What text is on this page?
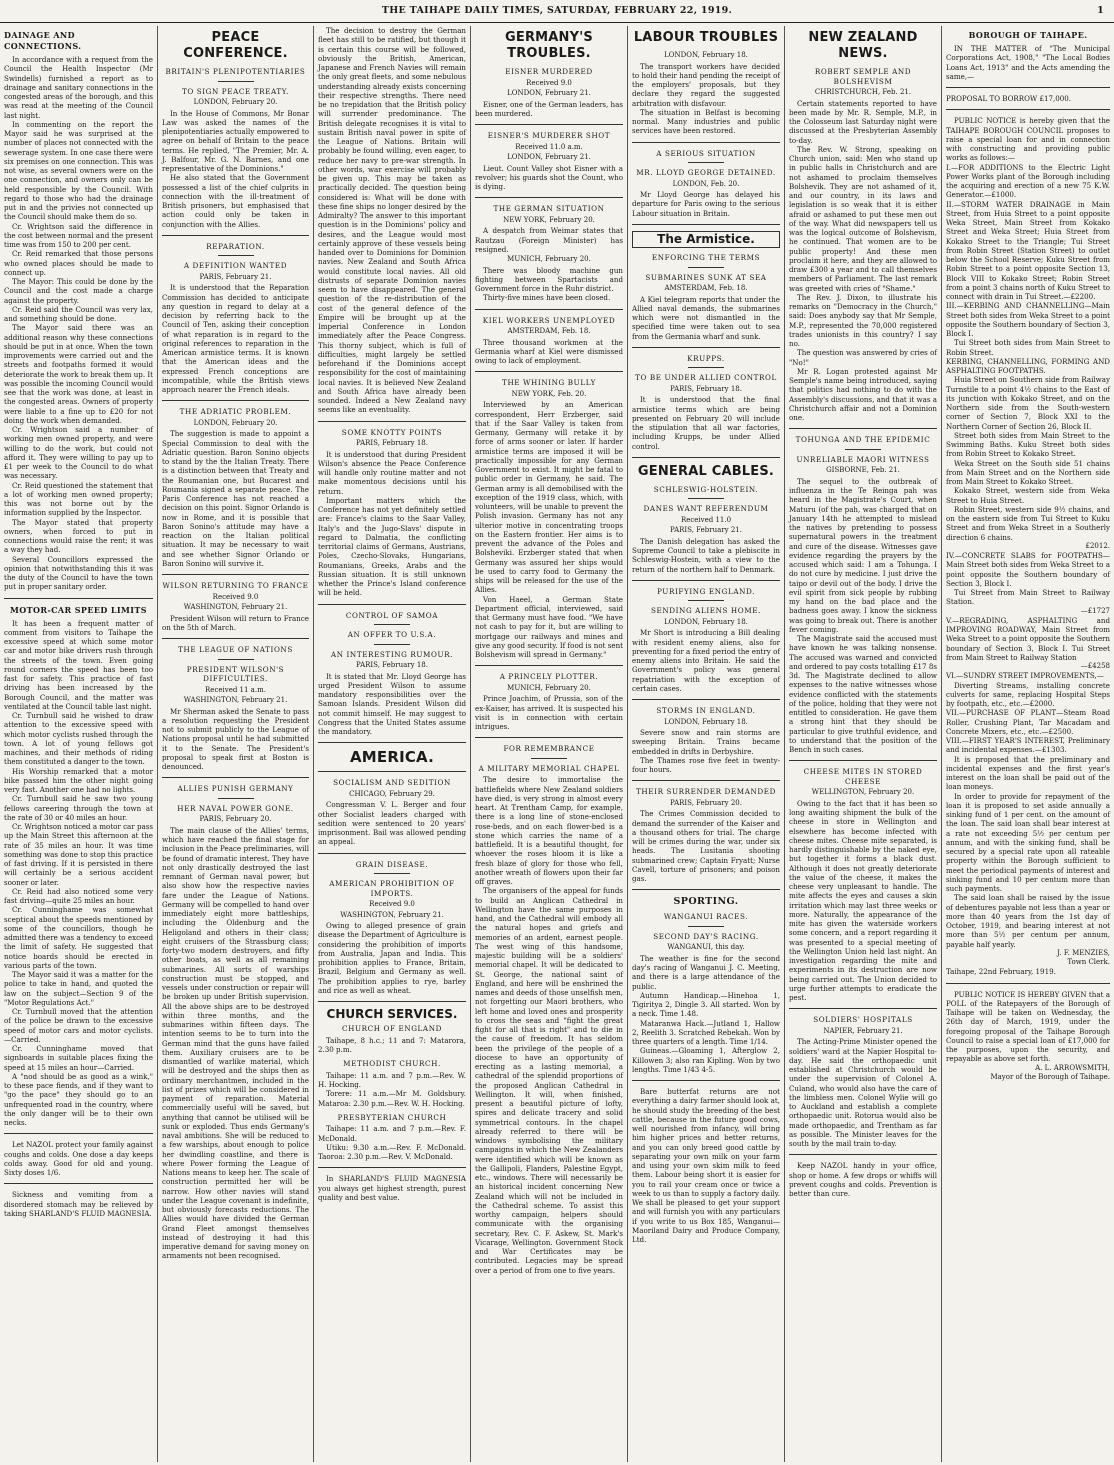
THE TAIHAPE DAILY TIMES, SATURDAY, FEBRUARY 22, 1919.	1
DAINAGE AND CONNECTIONS.

In accordance with a request from the Council the Health Inspector (Mr Swindells) furnished a report as to drainage and sanitary connections in the congested areas of the borough, and this was read at the meeting of the Council last night.

In commenting on the report the Mayor said he was surprised at the number of places not connected with the sewerage system. In one case there were six premises on one connection. This was not wise, as several owners were on the one connection, and owners only can be held responsible by the Council. With regard to those who had the drainage put in and the privies not connected up the Council should make them do so.

Cr. Wrightson said the difference in the cost between normal and the present time was from 150 to 200 per cent.

Cr. Reid remarked that those persons who owned places should be made to connect up.

The Mayor: This could be done by the Council and the cost made a charge against the property.

Cr. Reid said the Council was very lax, and something should be done.

The Mayor said there was an additional reason why these connections should be put in at once. When the town improvements were carried out and the streets and footpaths formed it would deteriorate the work to break them up. It was possible the incoming Council would see that the work was done, at least in the congested areas. Owners of property were liable to a fine up to £20 for not doing the work when demanded.

Cr. Wrightson said a number of working men owned property, and were willing to do the work, but could not afford it. They were willing to pay up to £1 per week to the Council to do what was necessary.

Cr. Reid questioned the statement that a lot of working men owned property; this was not borne out by the information supplied by the Inspector.

The Mayor stated that property owners, when forced to put in connections would raise the rent; it was a way they had.

Several Councillors expressed the opinion that notwithstanding this it was the duty of the Council to have the town put in proper sanitary order.

MOTOR-CAR SPEED LIMITS

It has been a frequent matter of comment from visitors to Taihape the excessive speed at which some motor car and motor bike drivers rush through the streets of the town. Even going round corners the speed has been too fast for safety. This practice of fast driving has been increased by the Borough Council, and the matter was ventilated at the Council table last night.

Cr. Turnbull said he wished to draw attention to the excessive speed with which motor cyclists rushed through the town. A lot of young fellows got machines, and their methods of riding them constituted a danger to the town.

His Worship remarked that a motor bike passed him the other night going very fast. Another one had no lights.

Cr. Turnbull said he saw two young fellows careering through the town at the rate of 30 or 40 miles an hour.

Cr. Wrightson noticed a motor car pass up the Main Street this afternoon at the rate of 35 miles an hour. It was time something was done to stop this practice of fast driving. If it is persisted in there will certainly be a serious accident sooner or later.

Cr. Reid had also noticed some very fast driving—quite 25 miles an hour.

Cr. Cunninghame was somewhat sceptical about the speeds mentioned by some of the councillors, though he admitted there was a tendency to exceed the limit of safety. He suggested that notice boards should be erected in various parts of the town.

The Mayor said it was a matter for the police to take in hand, and quoted the law on the subject—Section 9 of the "Motor Regulations Act."

Cr. Turnbull moved that the attention of the police be drawn to the excessive speed of motor cars and motor cyclists.—Carried.

Cr. Cunninghame moved that signboards in suitable places fixing the speed at 15 miles an hour—Carried.

A "nod should be as good as a wink," to these pace fiends, and if they want to "go the pace" they should go to an unfrequented road in the country, where the only danger will be to their own necks.

Let NAZOL protect your family against coughs and colds. One dose a day keeps colds away. Good for old and young. Sixty doses 1/6.

Sickness and vomiting from a disordered stomach may be relieved by taking SHARLAND'S FLUID MAGNESIA.

PEACE CONFERENCE.
BRITAIN'S PLENIPOTENTIARIES
TO SIGN PEACE TREATY.
LONDON, February 20.

In the House of Commons, Mr Bonar Law was asked the names of the plenipotentiaries actually empowered to agree on behalf of Britain to the peace terms. He replied, "The Premier, Mr. A. J. Balfour, Mr. G. N. Barnes, and one representative of the Dominions."

He also stated that the Government possessed a list of the chief culprits in connection with the ill-treatment of British prisoners, but emphasised that action could only be taken in conjunction with the Allies.

REPARATION.
A DEFINITION WANTED
PARIS, February 21.

It is understood that the Reparation Commission has decided to anticipate any question in regard to delay at a decision by referring back to the Council of Ten, asking their conception of what reparation is in regard to the original references to reparation in the American armistice terms. It is known that the American ideas and the expressed French conceptions are incompatible, while the British views approach nearer the French ideals.

THE ADRIATIC PROBLEM.
LONDON, February 20.

The suggestion is made to appoint a Special Commission to deal with the Adriatic question. Baron Sonino objects to stand by the the Italian Treaty. There is a distinction between that Treaty and the Roumanian one, but Bucarest and Roumania signed a separate peace. The Paris Conference has not reached a decision on this point. Signor Orlando is now in Rome, and it is possible that Baron Sonino's attitude may have a reaction on the Italian political situation. It may be necessary to wait and see whether Signor Orlando or Baron Sonino will survive it.

WILSON RETURNING TO FRANCE
Received 9.0
WASHINGTON, February 21.

President Wilson will return to France on the 5th of March.

THE LEAGUE OF NATIONS
PRESIDENT WILSON'S DIFFICULTIES.
Received 11 a.m.
WASHINGTON, February 21.

Mr Sherman asked the Senate to pass a resolution requesting the President not to submit publicly to the League of Nations proposal until he had submitted it to the Senate. The President's proposal to speak first at Boston is denounced.

ALLIES PUNISH GERMANY
HER NAVAL POWER GONE.
PARIS, February 20.

The main clause of the Allies' terms, which have reached the final stage for inclusion in the Peace preliminaries, will be found of dramatic interest. They have not only drastically destroyed the last remnant of German naval power, but also show how the respective navies fare under the League of Nations. Germany will be compelled to hand over immediately eight more battleships, including the Oldenburg and the Heligoland and others in their class; eight cruisers of the Strassburg class; forty-two modern destroyers, and fifty other boats, as well as all remaining submarines. All sorts of warships construction must be stopped, and vessels under construction or repair will be broken up under British supervision. All the above ships are to be destroyed within three months, and the submarines within fifteen days. The intention seems to be to turn into the German mind that the guns have failed them. Auxiliary cruisers are to be dismantled of warlike material, which will be destroyed and the ships then as ordinary merchantmen, included in the list of prizes which will be considered in payment of reparation. Material commercially useful will be saved, but anything that cannot be utilised will be sunk or exploded. Thus ends Germany's naval ambitions. She will be reduced to a few warships, about enough to police her dwindling coastline, and there is where Power forming the League of Nations means to keep her. The scale of construction permitted her will be narrow. How other navies will stand under the League covenant is indefinite, but obviously forecasts reductions. The Allies would have divided the German Grand Fleet amongst themselves instead of destroying it had this imperative demand for saving money on armaments not been recognised.

The decision to destroy the German fleet has still to be ratified, but though it is certain this course will be followed, obviously the British, American, Japanese and French Navies will remain the only great fleets, and some nebulous understanding already exists concerning their respective strengths. There need be no trepidation that the British policy will surrender predominance. The British delegate recognises it is vital to sustain British naval power in spite of the League of Nations. Britain will probably be found willing, even eager, to reduce her navy to pre-war strength. In other words, war exercise will probably be given up. This may be taken as practically decided. The question being considered is: What will be done with these fine ships no longer desired by the Admiralty? The answer to this important question is in the Dominions' policy and desires, and the League would most certainly approve of these vessels being handed over to Dominions for Dominion navies. New Zealand and South Africa would constitute local navies. All old distrusts of separate Dominion navies seem to have disappeared. The general question of the re-distribution of the cost of the general defence of the Empire will be brought up at the Imperial Conference in London immediately after the Peace Congress. This thorny subject, which is full of difficulties, might largely be settled beforehand if the Dominions accept responsibility for the cost of maintaining local navies. It is believed New Zealand and South Africa have already been sounded. Indeed a New Zealand navy seems like an eventuality.

SOME KNOTTY POINTS
PARIS, February 18.

It is understood that during President Wilson's absence the Peace Conference will handle only routine matter and not make momentous decisions until his return.

Important matters which the Conference has not yet definitely settled are: France's claims to the Saar Valley, Italy's and the Jugo-Slavs' dispute in regard to Dalmatia, the conflicting territorial claims of Germans, Austrians, Poles, Czecho-Slovaks, Hungarians, Roumanians, Greeks, Arabs and the Russian situation. It is still unknown whether the Prince's Island conference will be held.

CONTROL OF SAMOA
AN OFFER TO U.S.A.
AN INTERESTING RUMOUR.
PARIS, February 18.

It is stated that Mr. Lloyd George has urged President Wilson to assume mandatory responsibilities over the Samoan Islands. President Wilson did not commit himself. He may suggest to Congress that the United States assume the mandatory.

AMERICA.
SOCIALISM AND SEDITION
CHICAGO, February 29.

Congressman V. L. Berger and four other Socialist leaders charged with sedition were sentenced to 20 years' imprisonment. Bail was allowed pending an appeal.

GRAIN DISEASE.
AMERICAN PROHIBITION OF IMPORTS.
Received 9.0
WASHINGTON, February 21.

Owing to alleged presence of grain disease the Department of Agriculture is considering the prohibition of imports from Australia, Japan and India. This prohibition applies to France, Britain, Brazil, Belgium and Germany as well. The prohibition applies to rye, barley and rice as well as wheat.

CHURCH SERVICES.
CHURCH OF ENGLAND

Taihape, 8 h.c.; 11 and 7: Matarora, 2.30 p.m.

METHODIST CHURCH.

Taihape: 11 a.m. and 7 p.m.—Rev. W. H. Hocking.

Torere: 11 a.m.—Mr M. Goldsbury. Mataroa: 2.30 p.m.—Rev. W. H. Hocking.

PRESBYTERIAN CHURCH

Taihape: 11 a.m. and 7 p.m.—Rev. F. McDonald.

Utiku: 9.30 a.m.—Rev. F. McDonald. Taoroa: 2.30 p.m.—Rev. V. McDonald.

In SHARLAND'S FLUID MAGNESIA you always get highest strength, purest quality and best value.

GERMANY'S TROUBLES.
EISNER MURDERED
Received 9.0
LONDON, February 21.

Eisner, one of the German leaders, has been murdered.

EISNER'S MURDERER SHOT
Received 11.0 a.m.
LONDON, February 21.

Lieut. Count Valley shot Eisner with a revolver; his guards shot the Count, who is dying.

THE GERMAN SITUATION
NEW YORK, February 20.

A despatch from Weimar states that Rautzau (Foreign Minister) has resigned.

MUNICH, February 20.

There was bloody machine gun fighting between Spartacists and Government force in the Ruhr district.

Thirty-five mines have been closed.

KIEL WORKERS UNEMPLOYED
AMSTERDAM, Feb. 18.

Three thousand workmen at the Germania wharf at Kiel were dismissed owing to lack of employment.

THE WHINING BULLY
NEW YORK, Feb. 20.

Interviewed by an American correspondent, Herr Erzberger, said that if the Saar Valley is taken from Germany, Germany will retake it by force of arms sooner or later. If harder armistice terms are imposed it will be practically impossible for any German Government to exist. It might be fatal to public order in Germany, he said. The German army is all demobilised with the exception of the 1919 class, which, with volunteers, will be unable to prevent the Polish invasion. Germany has not any ulterior motive in concentrating troops on the Eastern frontier. Her aims is to prevent the advance of the Poles and Bolsheviki. Erzberger stated that when Germany was assured her ships would be used to carry food to Germany the ships will be released for the use of the Allies.

Von Haeel, a German State Department official, interviewed, said that Germany must have food. "We have not cash to pay for it, but are willing to mortgage our railways and mines and give any good security. If food is not sent Bolshevism will spread in Germany."

A PRINCELY PLOTTER.
MUNICH, February 20.

Prince Joachim, of Prussia, son of the ex-Kaiser, has arrived. It is suspected his visit is in connection with certain intrigues.

FOR REMEMBRANCE
A MILITARY MEMORIAL CHAPEL

The desire to immortalise the battlefields where New Zealand soldiers have died, is very strong in almost every heart. At Trentham Camp, for example, there is a long line of stone-enclosed rose-beds, and on each flower-bed is a stone which carries the name of a battlefield. It is a beautiful thought, for whoever the roses bloom it is like a fresh blaze of glory for those who fell, another wreath of flowers upon their far off graves.

The organisers of the appeal for funds to build an Anglican Cathedral in Wellington have the same purposes in hand, and the Cathedral will embody all the natural hopes and griefs and memories of an ardent, earnest people. The west wing of this handsome, majestic building will be a soldiers' memorial chapel. It will be dedicated to St. George, the national saint of England, and here will be enshrined the names and deeds of those unselfish men, not forgetting our Maori brothers, who left home and loved ones and prosperity to cross the seas and "fight the great fight for all that is right" and to die in the cause of freedom. It has seldom been the privilege of the people of a diocese to have an opportunity of erecting as a lasting memorial, a cathedral of the splendid proportions of the proposed Anglican Cathedral in Wellington. It will, when finished, present a beautiful picture of lofty, spires and delicate tracery and solid symmetrical contours. In the chapel already referred to there will be windows symbolising the military campaigns in which the New Zealanders were identified which will be known as the Gallipoli, Flanders, Palestine Egypt, etc., windows. There will necessarily be an historical incident concerning New Zealand which will not be included in the Cathedral scheme. To assist this worthy campaign, helpers should communicate with the organising secretary, Rev. C. F. Askew, St. Mark's Vicarage, Wellington. Government Stock and War Certificates may be contributed. Legacies may be spread over a period of from one to five years.

LABOUR TROUBLES
LONDON, February 18.

The transport workers have decided to hold their hand pending the receipt of the employers' proposals, but they declare they regard the suggested arbitration with disfavour.

The situation in Belfast is becoming normal. Many industries and public services have been restored.

A SERIOUS SITUATION
MR. LLOYD GEORGE DETAINED.
LONDON, Feb. 20.

Mr Lloyd George has delayed his departure for Paris owing to the serious Labour situation in Britain.

The Armistice.
ENFORCING THE TERMS
SUBMARINES SUNK AT SEA
AMSTERDAM, Feb. 18.

A Kiel telegram reports that under the Allied naval demands, the submarines which were not dismantled in the specified time were taken out to sea from the Germania wharf and sunk.

KRUPPS.
TO BE UNDER ALLIED CONTROL
PARIS, February 18.

It is understood that the final armistice terms which are being presented on February 20 will include the stipulation that all war factories, including Krupps, be under Allied control.

GENERAL CABLES.
SCHLESWIG-HOLSTEIN.
DANES WANT REFERENDUM
Received 11.0
PARIS, February 21.

The Danish delegation has asked the Supreme Council to take a plebiscite in Schleswig-Hostein, with a view to the return of the northern half to Denmark.

PURIFYING ENGLAND.
SENDING ALIENS HOME.
LONDON, February 18.

Mr Short is introducing a Bill dealing with resident enemy aliens, also for preventing for a fixed period the entry of enemy aliens into Britain. He said the Government's policy was general repatriation with the exception of certain cases.

STORMS IN ENGLAND.
LONDON, February 18.

Severe snow and rain storms are sweeping Britain. Trains became embedded in drifts in Derbyshire.

The Thames rose five feet in twenty-four hours.

THEIR SURRENDER DEMANDED
PARIS, February 20.

The Crimes Commission decided to demand the surrender of the Kaiser and a thousand others for trial. The charge will be crimes during the war, under six heads. The Lusitania shooting submarined crew; Captain Fryatt; Nurse Cavell, torture of prisoners; and poison gas.

SPORTING.
WANGANUI RACES.
SECOND DAY'S RACING.
WANGANUI, this day.

The weather is fine for the second day's racing of Wanganui J. C. Meeting, and there is a large attendance of the public.

Autumn Handicap.—Hinehoa 1, Tigiritya 2, Dingle 3. All started. Won by a neck. Time 1.48.

Mataranwa Hack.—Jutland 1, Hallow 2, Reelith 3. Scratched Rebekah. Won by three quarters of a length. Time 1/14.

Guineas.—Gloaming 1, Afterglow 2, Killowen 3; also ran Kipling. Won by two lengths. Time 1/43 4-5.

Bare butterfat returns are not everything a dairy farmer should look at, he should study the breeding of the best cattle, because in the future good cows, well nourished from infancy, will bring him higher prices and better returns, and you can only breed good cattle by separating your own milk on your farm and using your own skim milk to feed them. Labour being short it is easier for you to rail your cream once or twice a week to us than to supply a factory daily. We shall be pleased to get your support and will furnish you with any particulars if you write to us Box 185, Wanganui—Maoriland Dairy and Produce Company, Ltd.

NEW ZEALAND NEWS.
ROBERT SEMPLE AND BOLSHEVISM
CHRISTCHURCH, Feb. 21.

Certain statements reported to have been made by Mr. R. Semple, M.P., in the Colosseum last Saturday night were discussed at the Presbyterian Assembly to-day.

The Rev. W. Strong, speaking on Church union, said: Men who stand up in public halls in Christchurch and are not ashamed to proclaim themselves Bolshevik. They are not ashamed of it, and our country, in its laws and legislation is so weak that it is either afraid or ashamed to put these men out of the way. What did newspapers tell us was the logical outcome of Bolshevism, he continued. That women are to be public property! And these men proclaim it here, and they are allowed to draw £300 a year and to call themselves members of Parliament. The last remark was greeted with cries of "Shame."

The Rev. J. Dixon, to illustrate his remarks on "Democracy in the Church," said: Does anybody say that Mr Semple, M.P., represented the 70,000 registered trades unionists in this country? I say no.

The question was answered by cries of "No!"

Mr R. Logan protested against Mr Semple's name being introduced, saying that politics had nothing to do with the Assembly's discussions, and that it was a Christchurch affair and not a Dominion one.

TOHUNGA AND THE EPIDEMIC
UNRELIABLE MAORI WITNESS
GISBORNE, Feb. 21.

The sequel to the outbreak of influenza in the Te Reinga pah was heard in the Magistrate's Court, when Maturu (of the pah, was charged that on January 14th he attempted to mislead the natives by pretending to possess supernatural powers in the treatment and cure of the disease. Witnesses gave evidence regarding the prayers by the accused which said: I am a Tohunga. I do not cure by medicine. I just drive the taipo or devil out of the body. I drive the evil spirit from sick people by rubbing my hand on the bad place and the badness goes away. I know the sickness was going to break out. There is another fever coming.

The Magistrate said the accused must have known he was talking nonsense. The accused was warned and convicted and ordered to pay costs totalling £17 8s 3d. The Magistrate declined to allow expenses to the native witnesses whose evidence conflicted with the statements of the police, holding that they were not entitled to consideration. He gave them a strong hint that they should be particular to give truthful evidence, and to understand that the position of the Bench in such cases.

CHEESE MITES IN STORED CHEESE
WELLINGTON, February 20.

Owing to the fact that it has been so long awaiting shipment the bulk of the cheese in store in Wellington and elsewhere has become infected with cheese mites. Cheese mite separated, is hardly distinguishable by the naked eye, but together it forms a black dust. Although it does not greatly deteriorate the value of the cheese, it makes the cheese very unpleasant to handle. The mite affects the eyes and causes a skin irritation which may last three weeks or more. Naturally, the appearance of the mite has given the waterside workers some concern, and a report regarding it was presented to a special meeting of the Wellington Union held last night. An investigation regarding the mite and experiments in its destruction are now being carried out. The Union decided to urge further attempts to eradicate the pest.

SOLDIERS' HOSPITALS
NAPIER, February 21.

The Acting-Prime Minister opened the soldiers' ward at the Napier Hospital to-day. He said the orthopaedic unit established at Christchurch would be under the supervision of Colonel A. Culand, who would also have the care of the limbless men. Colonel Wylie will go to Auckland and establish a complete orthopaedic unit. Rotorua would also be made orthopaedic, and Trentham as far as possible. The Minister leaves for the south by the mail train to-day.

Keep NAZOL handy in your office, shop or home. A few drops or whiffs will prevent coughs and colds. Prevention is better than cure.

BOROUGH OF TAIHAPE.

IN THE MATTER of "The Municipal Corporations Act, 1908," "The Local Bodies Loans Act, 1913" and the Acts amending the same,—

PROPOSAL TO BORROW £17,000.

PUBLIC NOTICE is hereby given that the TAIHAPE BOROUGH COUNCIL proposes to raise a special loan for and in connection with constructing and providing public works as follows:—

I.—FOR ADDITIONS to the Electric Light Power Works plant of the Borough including the acquiring and erection of a new 75 K.W. Generator.—£1000.

II.—STORM WATER DRAINAGE in Main Street, from Huia Street to a point opposite Weka Street, Main Street from Kokako Street and Weka Street; Huia Street from Kokako Street to the Triangle; Tui Street from Robin Street (Station Street) to outlet below the School Reserve; Kuku Street from Robin Street to a point opposite Section 13, Block VIII to Kokako Street; Robin Street from a point 3 chains north of Kuku Street to connect with drain in Tui Street.—£2200.

III.—KERBING AND CHANNELLING—Main Street both sides from Weka Street to a point opposite the Southern boundary of Section 3, Block I.

Tui Street both sides from Main Street to Robin Street.

KERBING, CHANNELLING, FORMING AND ASPHALTING FOOTPATHS.

Huia Street on Southern side from Railway Turnstile to a point 4½ chains to the East of its junction with Kokako Street, and on the Northern side from the South-western corner of Section 7, Block XXI to the Northern Corner of Section 26, Block II.

Street both sides from Main Street to the Swimming Baths. Kuku Street both sides from Robin Street to Kokako Street.

Weka Street on the South side 51 chains from Main Street and on the Northern side from Main Street to Kokako Street.

Kokako Street, western side from Weka Street to Huia Street.

Robin Street, western side 9½ chains, and on the eastern side from Tui Street to Kuku Street and from Weka Street in a Southerly direction 6 chains.

£2012.

IV.—CONCRETE SLABS for FOOTPATHS—Main Street both sides from Weka Street to a point opposite the Southern boundary of Section 3, Block I.

Tui Street from Main Street to Railway Station.

—£1727

V.—REGRADING, ASPHALTING and IMPROVING ROADWAY, Main Street from Weka Street to a point opposite the Southern boundary of Section 3, Block I. Tui Street from Main Street to Railway Station

—£4258

VI.—SUNDRY STREET IMPROVEMENTS,—

Diverting Streams, installing concrete culverts for same, replacing Hospital Steps by footpath, etc., etc.—£2000.

VII.—PURCHASE OF PLANT—Steam Road Roller, Crushing Plant, Tar Macadam and Concrete Mixers, etc., etc.—£2500.

VIII.—FIRST YEAR'S INTEREST, Preliminary and incidental expenses.—£1303.

It is proposed that the preliminary and incidental expenses and the first year's interest on the loan shall be paid out of the loan moneys.

In order to provide for repayment of the loan it is proposed to set aside annually a sinking fund of 1 per cent. on the amount of the loan. The said loan shall bear interest at a rate not exceeding 5½ per centum per annum, and with the sinking fund, shall be secured by a special rate upon all rateable property within the Borough sufficient to meet the periodical payments of interest and sinking fund and 10 per centum more than such payments.

The said loan shall be raised by the issue of debentures payable not less than a year or more than 40 years from the 1st day of October, 1919, and bearing interest at not more than 5½ per centum per annum, payable half yearly.

J. F. MENZIES,
Town Clerk.

Taihape, 22nd February, 1919.

PUBLIC NOTICE IS HEREBY GIVEN that a POLL of the Ratepayers of the Borough of Taihape will be taken on Wednesday, the 26th day of March, 1919, under the foregoing proposal of the Taihape Borough Council to raise a special loan of £17,000 for the purposes, upon the security, and repayable as above set forth.

A. L. ARROWSMITH,
Mayor of the Borough of Taihape.
